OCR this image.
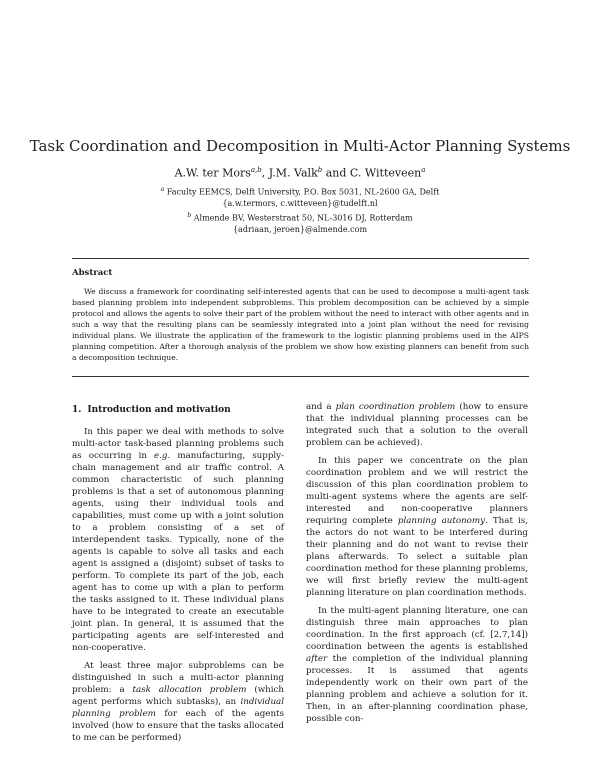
Task Coordination and Decomposition in Multi-Actor Planning Systems
A.W. ter Mors$^{a,b}$, J.M. Valk$^b$ and C. Witteveen$^a$
$^a$ Faculty EEMCS, Delft University, P.O. Box 5031, NL-2600 GA, Delft
{a.w.termors, c.witteveen}@tudelft.nl
$^b$ Almende BV, Westerstraat 50, NL-3016 DJ, Rotterdam
{adriaan, jeroen}@almende.com
Abstract

We discuss a framework for coordinating self-interested agents that can be used to decompose a multi-agent task based planning problem into independent subproblems. This problem decomposition can be achieved by a simple protocol and allows the agents to solve their part of the problem without the need to interact with other agents and in such a way that the resulting plans can be seamlessly integrated into a joint plan without the need for revising individual plans. We illustrate the application of the framework to the logistic planning problems used in the AIPS planning competition. After a thorough analysis of the problem we show how existing planners can benefit from such a decomposition technique.

1. Introduction and motivation

In this paper we deal with methods to solve multi-actor task-based planning problems such as occurring in e.g. manufacturing, supply-chain management and air traffic control. A common characteristic of such planning problems is that a set of autonomous planning agents, using their individual tools and capabilities, must come up with a joint solution to a problem consisting of a set of interdependent tasks. Typically, none of the agents is capable to solve all tasks and each agent is assigned a (disjoint) subset of tasks to perform. To complete its part of the job, each agent has to come up with a plan to perform the tasks assigned to it. These individual plans have to be integrated to create an executable joint plan. In general, it is assumed that the participating agents are self-interested and non-cooperative.

At least three major subproblems can be distinguished in such a multi-actor planning problem: a task allocation problem (which agent performs which subtasks), an individual planning problem for each of the agents involved (how to ensure that the tasks allocated to me can be performed)

and a plan coordination problem (how to ensure that the individual planning processes can be integrated such that a solution to the overall problem can be achieved).

In this paper we concentrate on the plan coordination problem and we will restrict the discussion of this plan coordination problem to multi-agent systems where the agents are self-interested and non-cooperative planners requiring complete planning autonomy. That is, the actors do not want to be interfered during their planning and do not want to revise their plans afterwards. To select a suitable plan coordination method for these planning problems, we will first briefly review the multi-agent planning literature on plan coordination methods.

In the multi-agent planning literature, one can distinguish three main approaches to plan coordination. In the first approach (cf. [2,7,14]) coordination between the agents is established after the completion of the individual planning processes. It is assumed that agents independently work on their own part of the planning problem and achieve a solution for it. Then, in an after-planning coordination phase, possible con-
